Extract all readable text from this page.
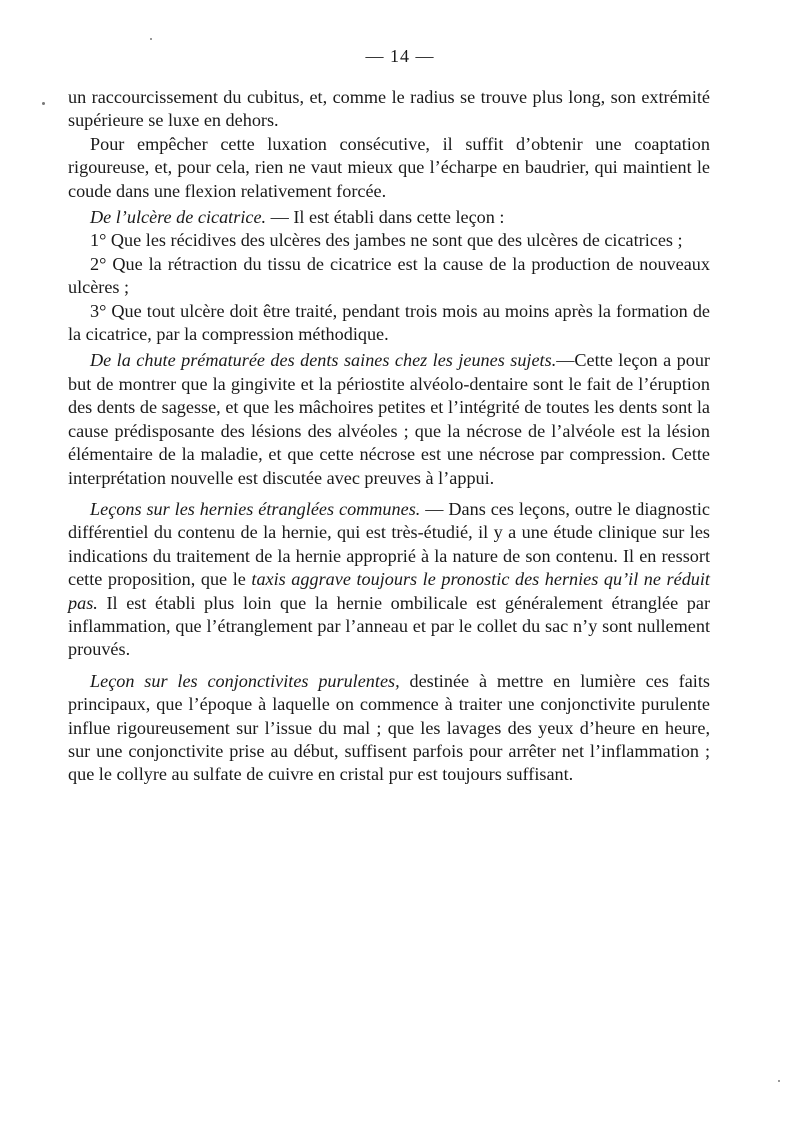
— 14 —

un raccourcissement du cubitus, et, comme le radius se trouve plus long, son extrémité supérieure se luxe en dehors.

Pour empêcher cette luxation consécutive, il suffit d’obtenir une coaptation rigoureuse, et, pour cela, rien ne vaut mieux que l’écharpe en baudrier, qui maintient le coude dans une flexion relativement forcée.

De l’ulcère de cicatrice. — Il est établi dans cette leçon :

1° Que les récidives des ulcères des jambes ne sont que des ulcères de cicatrices ;

2° Que la rétraction du tissu de cicatrice est la cause de la production de nouveaux ulcères ;

3° Que tout ulcère doit être traité, pendant trois mois au moins après la formation de la cicatrice, par la compression méthodique.

De la chute prématurée des dents saines chez les jeunes sujets.—Cette leçon a pour but de montrer que la gingivite et la périostite alvéolo-dentaire sont le fait de l’éruption des dents de sagesse, et que les mâchoires petites et l’intégrité de toutes les dents sont la cause prédisposante des lésions des alvéoles ; que la nécrose de l’alvéole est la lésion élémentaire de la maladie, et que cette nécrose est une nécrose par compression. Cette interprétation nouvelle est discutée avec preuves à l’appui.

Leçons sur les hernies étranglées communes. — Dans ces leçons, outre le diagnostic différentiel du contenu de la hernie, qui est très-étudié, il y a une étude clinique sur les indications du traitement de la hernie approprié à la nature de son contenu. Il en ressort cette proposition, que le taxis aggrave toujours le pronostic des hernies qu’il ne réduit pas. Il est établi plus loin que la hernie ombilicale est généralement étranglée par inflammation, que l’étranglement par l’anneau et par le collet du sac n’y sont nullement prouvés.

Leçon sur les conjonctivites purulentes, destinée à mettre en lumière ces faits principaux, que l’époque à laquelle on commence à traiter une conjonctivite purulente influe rigoureusement sur l’issue du mal ; que les lavages des yeux d’heure en heure, sur une conjonctivite prise au début, suffisent parfois pour arrêter net l’inflammation ; que le collyre au sulfate de cuivre en cristal pur est toujours suffisant.
